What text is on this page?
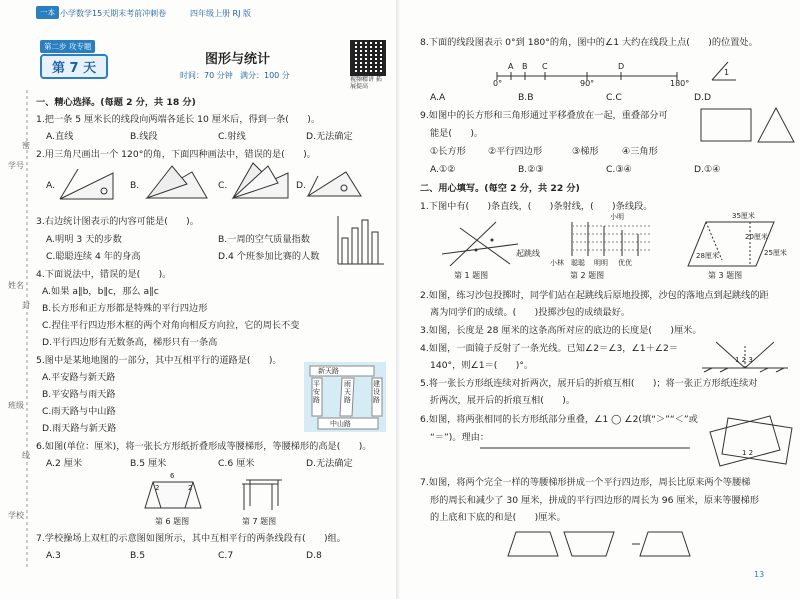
一本 小学数学15天期末考前冲刺卷	四年级上册 RJ 版
第二步 攻专题
第 7 天
图形与统计
时间：70 分钟 满分：100 分	视频精讲 拓展提高
学号
姓名
班级
学校
密
封
线
一、精心选择。(每题 2 分，共 18 分)
1.把一条 5 厘米长的线段向两端各延长 10 厘米后，得到一条(　　)。
A.直线	B.线段	C.射线	D.无法确定
2.用三角尺画出一个 120°的角，下面四种画法中，错误的是(　　)。
A.	B.	C.	D.
3.右边统计图表示的内容可能是(　　)。
A.明明 3 天的步数	B.一周的空气质量指数
C.聪聪连续 4 年的身高	D.4 个班参加比赛的人数
4.下面说法中，错误的是(　　)。
A.如果 a∥b，b∥c，那么 a∥c
B.长方形和正方形都是特殊的平行四边形
C.捏住平行四边形木框的两个对角向相反方向拉，它的周长不变
D.平行四边形有无数条高，梯形只有一条高
5.图中是某地地图的一部分，其中互相平行的道路是(　　)。
A.平安路与新天路
B.平安路与雨天路
C.雨天路与中山路
D.雨天路与新天路
新天路
平安路
雨天路
建设路
中山路
6.如图(单位：厘米)，将一张长方形纸折叠形成等腰梯形，等腰梯形的高是(　　)。
A.2 厘米	B.5 厘米	C.6 厘米	D.无法确定
6
2	2
第 6 题图	第 7 题图
7.学校操场上双杠的示意图如图所示，其中互相平行的两条线段有(　　)组。
A.3	B.5	C.7	D.8
8.下面的线段图表示 0°到 180°的角，图中的∠1 大约在线段上点(　　)的位置处。
A B C	D
0°	90°	180°
1
A.A	B.B	C.C	D.D
9.如图中的长方形和三角形通过平移叠放在一起，重叠部分可
能是(　　)。
①长方形 ②平行四边形	③梯形	④三角形
A.①②	B.②③	C.③④	D.①④
二、用心填写。(每空 2 分，共 22 分)
1.下图中有(　　)条直线，(　　)条射线，(　　)条线段。
起跳线
小林 聪聪 明明 优优
小明	35厘米
20厘米
28厘米	25厘米
第 1 题图	第 2 题图	第 3 题图
2.如图，练习沙包投掷时，同学们站在起跳线后原地投掷，沙包的落地点到起跳线的距
离为同学们的成绩。(　　)投掷沙包的成绩最好。
3.如图，长度是 28 厘米的这条高所对应的底边的长度是(　　)厘米。
4.如图，一面镜子反射了一条光线。已知∠2＝∠3，∠1＋∠2＝
140°，则∠1＝(　　)°。	1 2 3
5.将一张长方形纸连续对折两次，展开后的折痕互相(　　)；将一张正方形纸连续对
折两次，展开后的折痕互相(　　)。
6.如图，将两张相同的长方形纸部分重叠，∠1 ◯ ∠2(填“＞”“＜”或
“＝”)。理由：
1 2
7.如图，将两个完全一样的等腰梯形拼成一个平行四边形，周长比原来两个等腰梯
形的周长和减少了 30 厘米，拼成的平行四边形的周长为 96 厘米，原来等腰梯形
的上底和下底的和是(　　)厘米。
13
